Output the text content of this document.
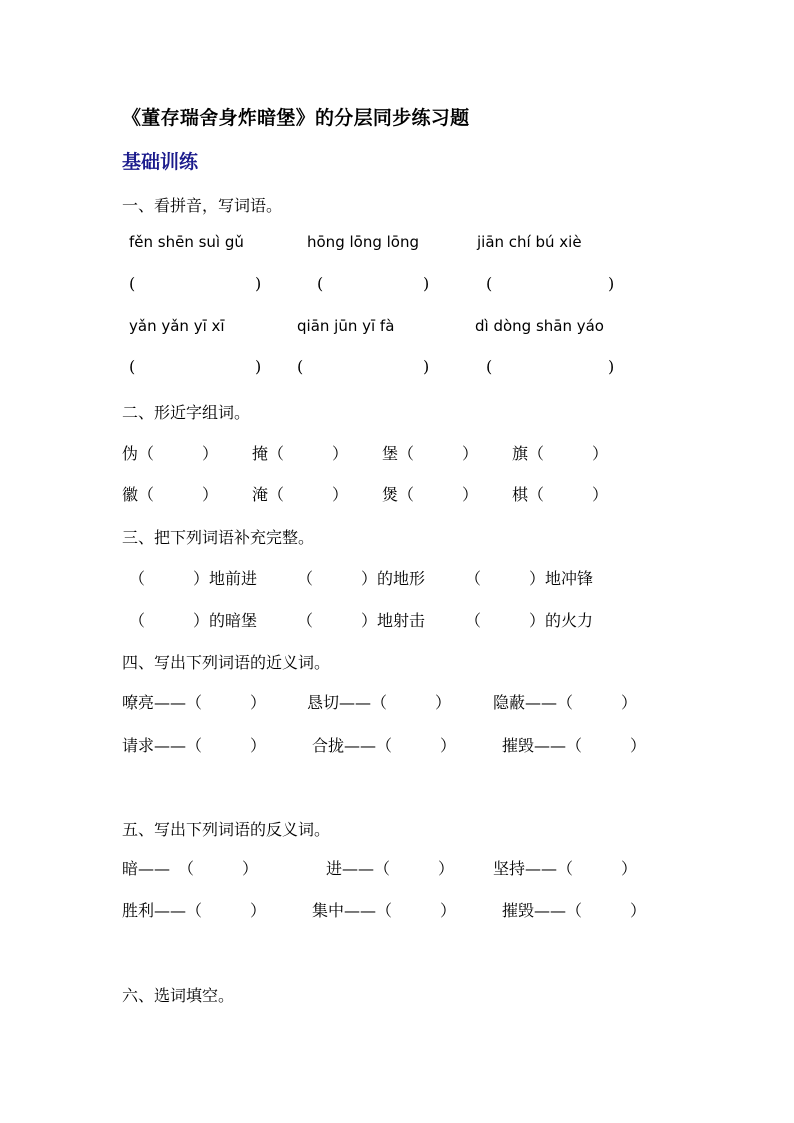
《董存瑞舍身炸暗堡》的分层同步练习题
基础训练
一、看拼音，写词语。
fěn shēn suì gǔ	hōng lōng lōng	jiān chí bú xiè
(	)	(	)	(	)
yǎn yǎn yī xī	qiān jūn yī fà	dì dòng shān yáo
(	) (	)	(	)
二、形近字组词。
伪（　　　） 掩（　　　） 堡（　　　） 旗（　　　）
徽（　　　） 淹（　　　） 煲（　　　） 棋（　　　）
三、把下列词语补充完整。
（　　　）地前进 （　　　）的地形 （　　　）地冲锋
（　　　）的暗堡 （　　　）地射击 （　　　）的火力
四、写出下列词语的近义词。
嘹亮——（　　　）	恳切——（　　　）	隐蔽——（　　　）
请求——（　　　）	合拢——（　　　）	摧毁——（　　　）
五、写出下列词语的反义词。
暗——　（　　　）	进——（　　　） 坚持——（　　　）
胜利——（　　　）	集中——（　　　）	摧毁——（　　　）
六、选词填空。
